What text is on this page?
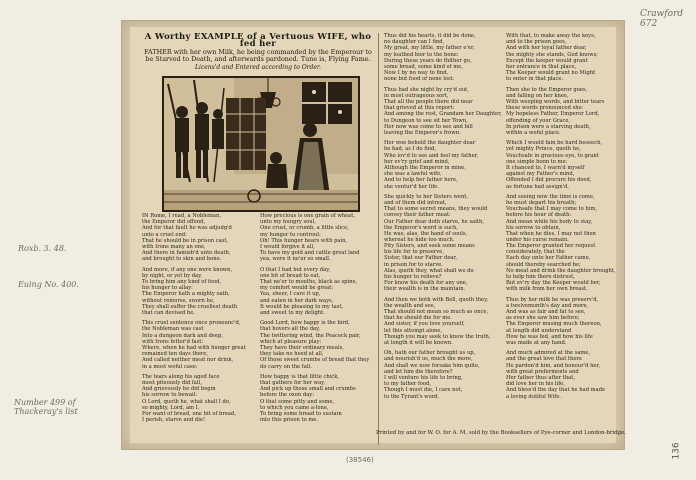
Crawford 672
Roxb. 3. 48.
Euing No. 400.
Number 499 of Thackeray's list
A Worthy EXAMPLE of a Vertuous WIFE, who fed her
FATHER with her own Milk, he being commanded by the Emperour to
be Starved to Death, and afterwards pardoned. Tune is, Flying Fame.
Licens'd and Entered according to Order.
IN Rome, I read, a Nobleman,
the Emperor did offend,
And for that fault he was adjudg'd
unto a cruel end:
That he should be in prison cast,
with Irons many an one,
And there in famish'd unto death,
and brought to skin and bone.
And more, if any one were known,
by night, or yet by day,
To bring him any kind of food,
his hunger to allay:
The Emperor hath a mighty oath,
without remorse, sworn he,
They shall suffer the cruellest death
that can devised be.
This cruel sentence once pronounc'd,
the Nobleman was cast
Into a dungeon dark and deep,
with Irons fetter'd fast:
Where, when he had with hunger great
remained ten days there,
And called neither meat nor drink,
in a most woful case:
The tears along his aged face
most piteously did fall,
And grievously he did begin
his sorrow to bewail:
O Lord, quoth he, what shall I do,
so mighty, Lord, am I,
For want of bread, one bit of bread,
I perish, starve and die!
How precious is one grain of wheat,
unto my hungry soul,
One crust, or crumb, a little slice,
my hunger to controul:
Oh! This hunger bears with pain,
I would forgive it all,
To have my gold and cattle great land
yea, were it ne'er so small.
O that I had but every day,
one bit of bread to eat,
That ne'er to mouths, black as spine,
my comfort would be great:
Yea, sheer, I care it up,
and eaten in her dark ways,
It would be pleasing to my tast,
and sweet to my delight.
Good Lord, how happy is the bird,
that hovers all the day,
The twittering wind, the Peacock pair,
which at pleasure play:
They have their ordinary meals,
they take no heed at all,
Of those sweet crumbs of bread that they
do carry on the fall.
How happy is that little chick,
that gathers for her way,
And pick up those small and crumbs
before the oxen day:
O that some pitty and some,
to which you came a-lone,
To bring some bread to sustain
into this prison to me.
Thus did his hearts, it did be done,
no daughter can I find,
My great, my little, my father e'er,
my loathed bier to the bone:
During these years do thither go,
some bread, some kind of me,
Now I by no way to find,
none but food of none lost.
Thus had she night by cry'd out,
in most outrageous sort,
That all the people there did near
that grieved at this report:
And among the rest, Grandam her Daughter,
to Dungeon to see sit her Town,
Her now was come to see and bill
leaving the Emperor's frown.
Her woe beheld the daughter dear
he had, as I do find,
Who lov'd to see and feel my father,
her ev'ry grief and mind,
Although the Emperor in mine,
she was a lawful wife,
And to help her father here,
she ventur'd her life.
She quickly to her Sisters went,
and of them did intreat,
That to some secret means, they would
convey their father meat:
Our Father dear doth starve, he saith,
the Emperor's word is such,
He was, alas, the hand of souls,
whereat he hide too much.
Pity Sisters, and seek some means
his life for to preserve,
Sister, that our Father dear,
in prison for to starve.
Alas, quoth they, what shall we do
his hunger to relieve?
For know his death for any one,
their wealth is in the maintain.
And then we both with Bell, quoth they,
the wealth and see,
That should not mean so much as once,
that he should die for me.
And sister, if you love yourself,
let this attempt alone,
Though you may seek to know the truth,
at length it will be known.
Oh, hath our father brought us up,
and nourish'd us, much the more,
And shall we now forsake him quite,
and let him die therefore?
I will venture his life to bring,
to my father food,
Though I must die, I care not,
to the Tyrant's word.
With that, to make away the keys,
and to the prison goes,
And with her loyal father dear,
the mighty she stands, God knows;
Except the keeper would grant
her entrance in that place,
The Keeper would grant no Might
to enter in that place.
Then she to the Emperor goes,
and falling on her knee,
With weeping words, and bitter tears
these words pronounced she:
My hopeless Father, Emperor Lord,
offending of your Grace,
In prison were a starving death,
within a woful place.
Which I would fain be hard beseech,
yet mighty Prince, quoth he,
Vouchsafe in gracious eye, to grant
one simple boon to me:
It chanced to, I warn'd myself
against my Father's mind,
Offended I did procure his deed,
as fortune had assign'd.
And seeing now the time is come,
he must depart his breath;
Vouchsafe that I may come to him,
before his hour of death:
And mean while his body to stay,
his sorrow to obtain,
That when he dies, I may not then
under his curse remain.
The Emperor granted her request
considerately, that the
Each day unto her Father came,
should thereby searched be;
No meat and drink the daughter brought,
to help him there distrest,
But ev'ry day the Keeper would her,
with milk from her own breast.
Thus by her milk he was preserv'd,
a twelvemonth's day and more,
And was as fair and fat to see,
as ever she saw him before;
The Emperor musing much thereon,
at length did understand
How he was fed, and how his life
was made at any hand.
And much admired at the same,
and the great love that there
He pardon'd him, and honour'd her,
with great preferments and
Her father thus after that,
did love her in his life,
And bless'd the day that he had made
a loving dutiful Wife.
Printed by and for W. O. for A. M. sold by the Booksellers of Pye-corner and London-bridge.
(38546)
136
